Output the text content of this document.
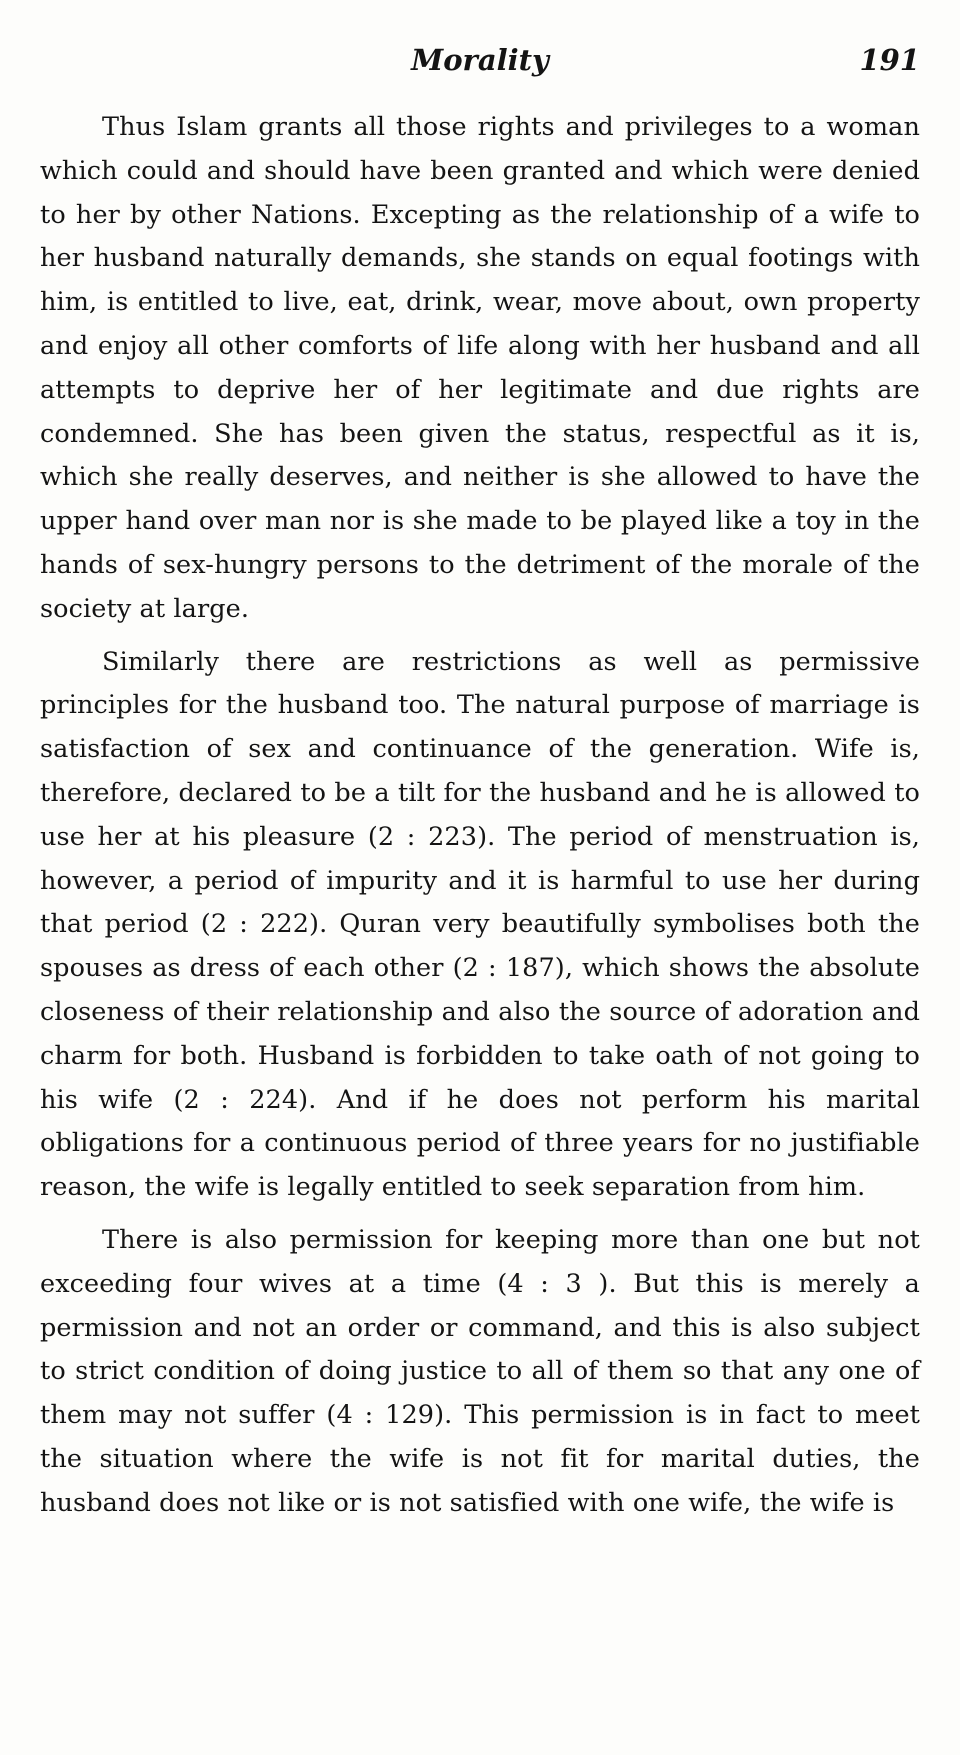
Morality	191

Thus Islam grants all those rights and privileges to a woman which could and should have been granted and which were denied to her by other Nations. Excepting as the relationship of a wife to her husband naturally demands, she stands on equal footings with him, is entitled to live, eat, drink, wear, move about, own property and enjoy all other comforts of life along with her husband and all attempts to deprive her of her legitimate and due rights are condemned. She has been given the status, respectful as it is, which she really deserves, and neither is she allowed to have the upper hand over man nor is she made to be played like a toy in the hands of sex-hungry persons to the detriment of the morale of the society at large.

Similarly there are restrictions as well as permissive principles for the husband too. The natural purpose of marriage is satisfaction of sex and continuance of the generation. Wife is, therefore, declared to be a tilt for the husband and he is allowed to use her at his pleasure (2 : 223). The period of menstruation is, however, a period of impurity and it is harmful to use her during that period (2 : 222). Quran very beautifully symbolises both the spouses as dress of each other (2 : 187), which shows the absolute closeness of their relationship and also the source of adoration and charm for both. Husband is forbidden to take oath of not going to his wife (2 : 224). And if he does not perform his marital obligations for a continuous period of three years for no justifiable reason, the wife is legally entitled to seek separation from him.

There is also permission for keeping more than one but not exceeding four wives at a time (4 : 3 ). But this is merely a permission and not an order or command, and this is also subject to strict condition of doing justice to all of them so that any one of them may not suffer (4 : 129). This permission is in fact to meet the situation where the wife is not fit for marital duties, the husband does not like or is not satisfied with one wife, the wife is
